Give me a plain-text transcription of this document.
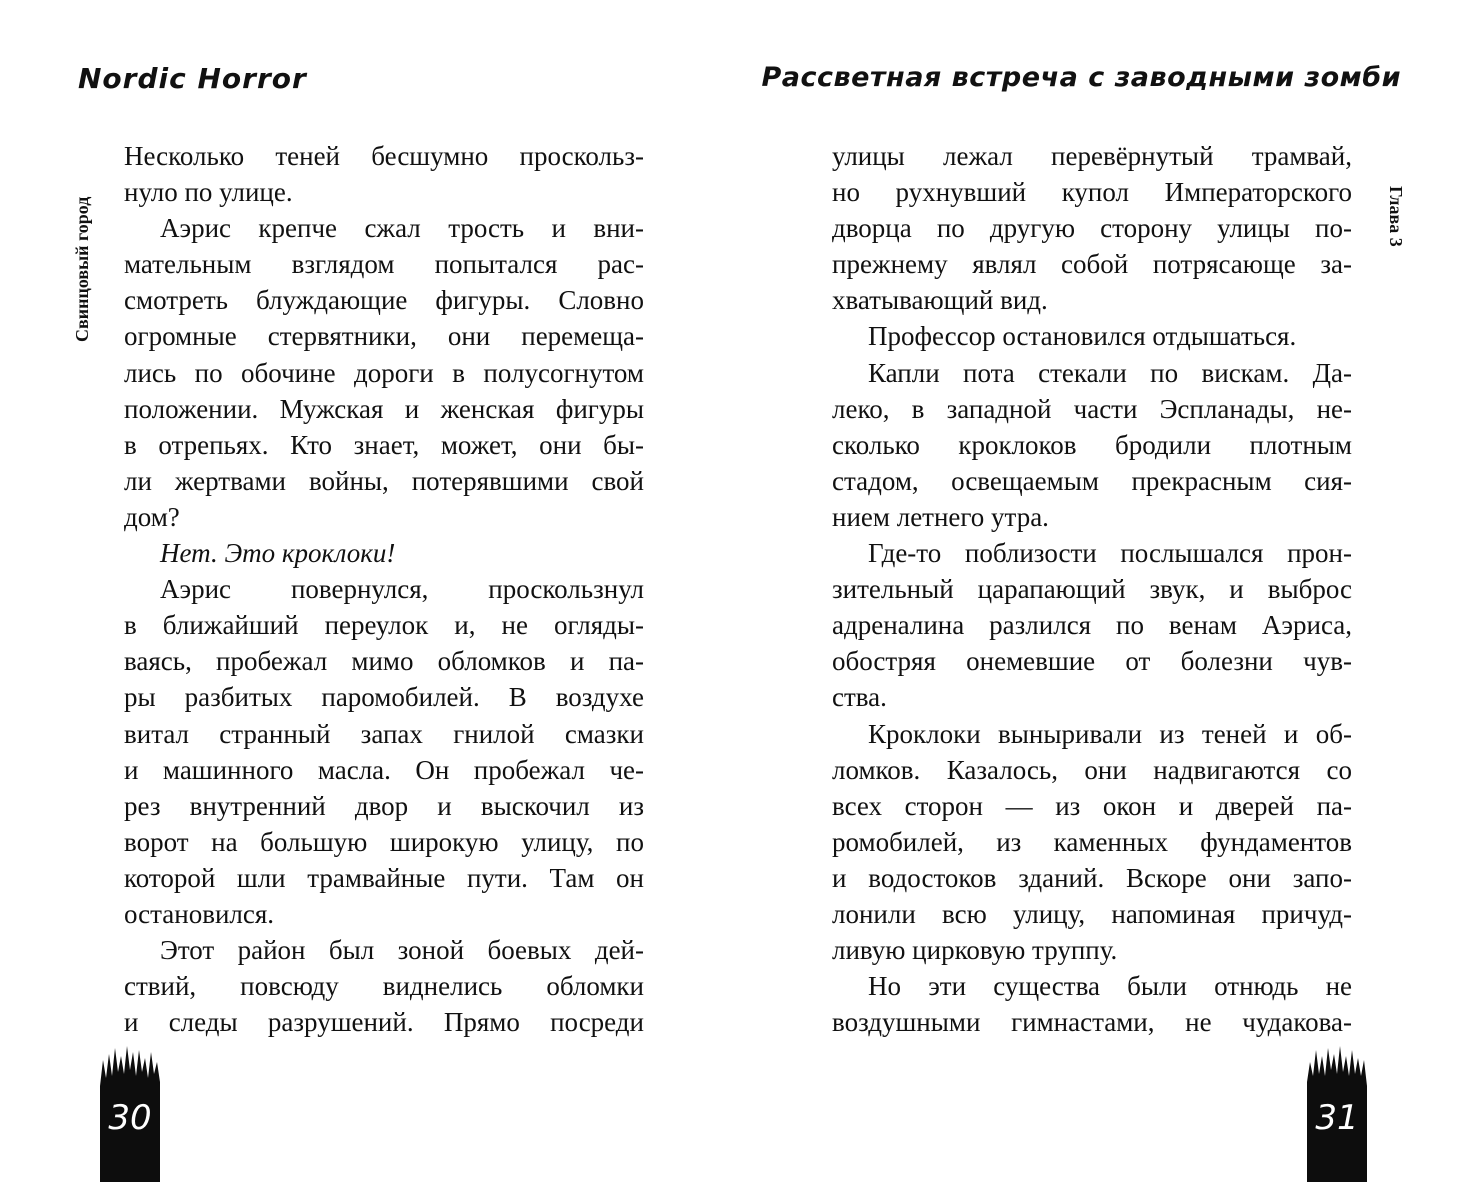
Nordic Horror	Рассветная встреча с заводными зомби
Свинцовый город	Глава 3
Несколько теней бесшумно проскольз-
нуло по улице.
Аэрис крепче сжал трость и вни-
мательным взглядом попытался рас-
смотреть блуждающие фигуры. Словно
огромные стервятники, они перемеща-
лись по обочине дороги в полусогнутом
положении. Мужская и женская фигуры
в отрепьях. Кто знает, может, они бы-
ли жертвами войны, потерявшими свой
дом?
Нет. Это кроклоки!
Аэрис повернулся, проскользнул
в ближайший переулок и, не огляды-
ваясь, пробежал мимо обломков и па-
ры разбитых паромобилей. В воздухе
витал странный запах гнилой смазки
и машинного масла. Он пробежал че-
рез внутренний двор и выскочил из
ворот на большую широкую улицу, по
которой шли трамвайные пути. Там он
остановился.
Этот район был зоной боевых дей-
ствий, повсюду виднелись обломки
и следы разрушений. Прямо посреди
улицы лежал перевёрнутый трамвай,
но рухнувший купол Императорского
дворца по другую сторону улицы по-
прежнему являл собой потрясающе за-
хватывающий вид.
Профессор остановился отдышаться.
Капли пота стекали по вискам. Да-
леко, в западной части Эспланады, не-
сколько кроклоков бродили плотным
стадом, освещаемым прекрасным сия-
нием летнего утра.
Где-то поблизости послышался прон-
зительный царапающий звук, и выброс
адреналина разлился по венам Аэриса,
обостряя онемевшие от болезни чув-
ства.
Кроклоки выныривали из теней и об-
ломков. Казалось, они надвигаются со
всех сторон — из окон и дверей па-
ромобилей, из каменных фундаментов
и водостоков зданий. Вскоре они запо-
лонили всю улицу, напоминая причуд-
ливую цирковую труппу.
Но эти существа были отнюдь не
воздушными гимнастами, не чудакова-
30	31
